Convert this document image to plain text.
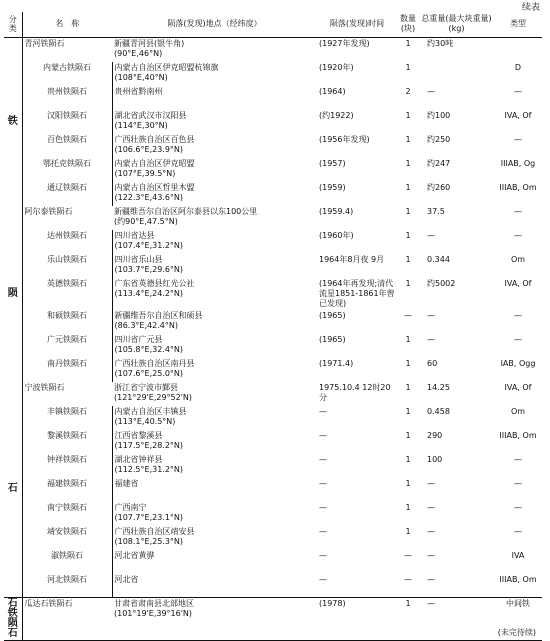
续表
分类	名　称	陨落(发现)地点（经纬度）	陨落(发现)时间	数量(块)	总重量(最大块重量)(kg)	类型
铁	青河铁陨石	新疆青河县(银牛角)
(90°E,46°N)	(1927年发现)	1	约30吨	
	内蒙古铁陨石	内蒙古自治区伊克昭盟杭锦旗
(108°E,40°N)	(1920年)	1		D
	贵州铁陨石	贵州省黔南州	(1964)	2	—	—
	汉阳铁陨石	湖北省武汉市汉阳县
(114°E,30°N)	(约1922)	1	约100	IVA, Of
	百色铁陨石	广西壮族自治区百色县
(106.6°E,23.9°N)	(1956年发现)	1	约250	—
	鄂托克铁陨石	内蒙古自治区伊克昭盟
(107°E,39.5°N)	(1957)	1	约247	IIIAB, Og
	通辽铁陨石	内蒙古自治区哲里木盟
(122.3°E,43.6°N)	(1959)	1	约260	IIIAB, Om
陨	阿尔泰铁陨石	新疆维吾尔自治区阿尔泰县以东100公里
(约90°E,47.5°N)	(1959.4)	1	37.5	—
	达州铁陨石	四川省达县
(107.4°E,31.2°N)	(1960年)	1	—	—
	乐山铁陨石	四川省乐山县
(103.7°E,29.6°N)	1964年8月夜 9月	1	0.344	Om
	英德铁陨石	广东省英德县红光公社
(113.4°E,24.2°N)	(1964年再发现;清代流星1851-1861年曾已发现)	1	约5002	IVA, Of
	和硕铁陨石	新疆维吾尔自治区和硕县
(86.3°E,42.4°N)	(1965)	—	—	—
	广元铁陨石	四川省广元县
(105.8°E,32.4°N)	(1965)	1	—	—
	南丹铁陨石	广西壮族自治区南丹县
(107.6°E,25.0°N)	(1971.4)	1	60	IAB, Ogg
石	宁波铁陨石	浙江省宁波市鄞县
(121°29'E,29°52'N)	1975.10.4 12时20分	1	14.25	IVA, Of
	丰镇铁陨石	内蒙古自治区丰镇县
(113°E,40.5°N)	—	1	0.458	Om
	黎溪铁陨石	江西省黎溪县
(117.5°E,28.2°N)	—	1	290	IIIAB, Om
	钟祥铁陨石	湖北省钟祥县
(112.5°E,31.2°N)	—	1	100	—
	福建铁陨石	福建省	—	1	—	—
	南宁铁陨石	广西南宁
(107.7°E,23.1°N)	—	1	—	—
	靖安铁陨石	广西壮族自治区靖安县
(108.1°E,25.3°N)	—	1	—	—
	淑铁陨石	河北省黄骅	—	—	—	IVA
	河北铁陨石	河北省	—	—	—	IIIAB, Om
石铁陨石	瓜达石铁陨石	甘肃省肃南县北部地区
(101°19'E,39°16'N)	(1978)	1	—	中间铁
(未完待续)
